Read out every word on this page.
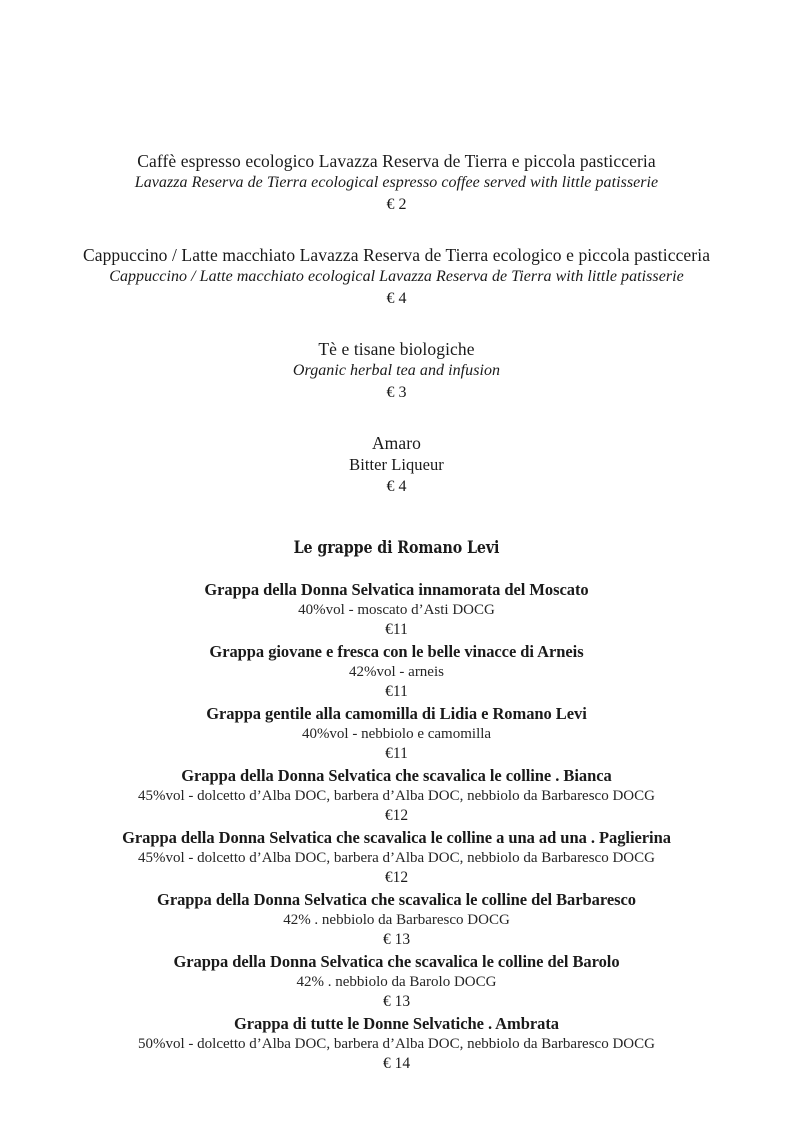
Caffè espresso ecologico Lavazza Reserva de Tierra e piccola pasticceria
Lavazza Reserva de Tierra ecological espresso coffee served with little patisserie
€ 2
Cappuccino / Latte macchiato Lavazza Reserva de Tierra ecologico e piccola pasticceria
Cappuccino / Latte macchiato ecological Lavazza Reserva de Tierra with little patisserie
€ 4
Tè e tisane biologiche
Organic herbal tea and infusion
€ 3
Amaro
Bitter Liqueur
€ 4
Le grappe di Romano Levi
Grappa della Donna Selvatica innamorata del Moscato
40%vol - moscato d’Asti DOCG
€11
Grappa giovane e fresca con le belle vinacce di Arneis
42%vol - arneis
€11
Grappa gentile alla camomilla di Lidia e Romano Levi
40%vol - nebbiolo e camomilla
€11
Grappa della Donna Selvatica che scavalica le colline . Bianca
45%vol - dolcetto d’Alba DOC, barbera d’Alba DOC, nebbiolo da Barbaresco DOCG
€12
Grappa della Donna Selvatica che scavalica le colline a una ad una . Paglierina
45%vol - dolcetto d’Alba DOC, barbera d’Alba DOC, nebbiolo da Barbaresco DOCG
€12
Grappa della Donna Selvatica che scavalica le colline del Barbaresco
42% . nebbiolo da Barbaresco DOCG
€ 13
Grappa della Donna Selvatica che scavalica le colline del Barolo
42% . nebbiolo da Barolo DOCG
€ 13
Grappa di tutte le Donne Selvatiche . Ambrata
50%vol - dolcetto d’Alba DOC, barbera d’Alba DOC, nebbiolo da Barbaresco DOCG
€ 14
